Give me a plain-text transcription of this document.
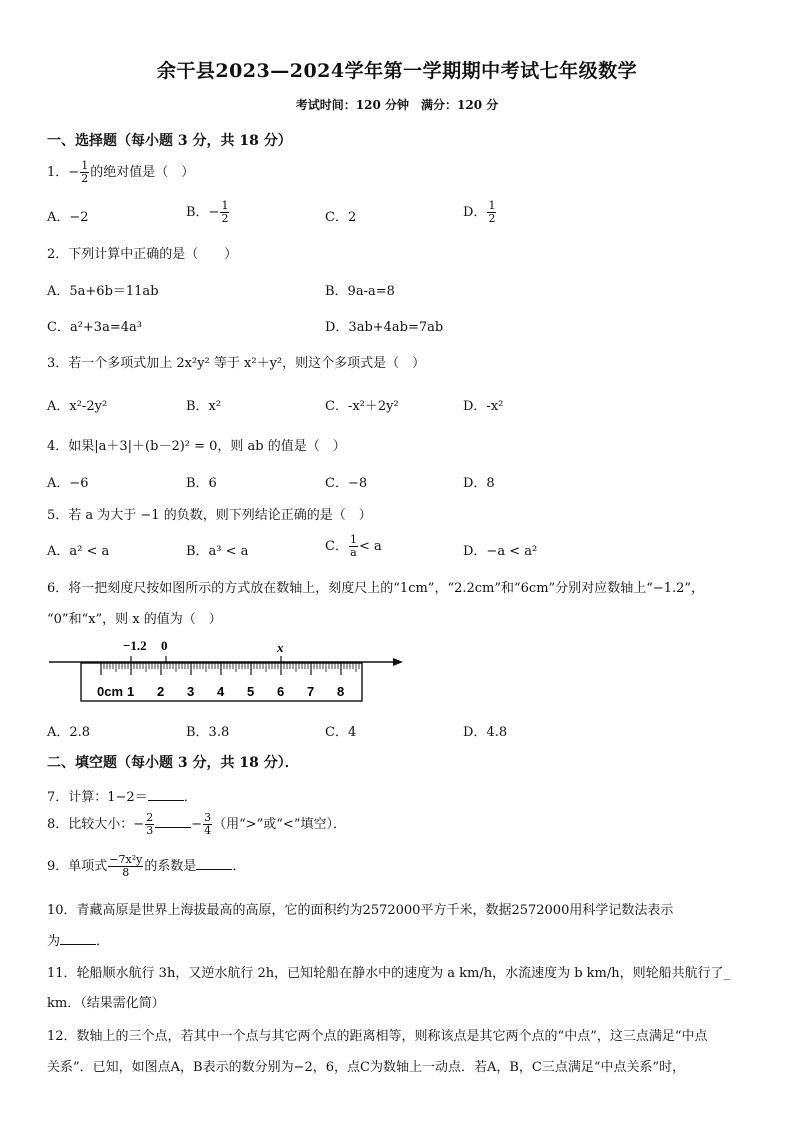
余干县2023—2024学年第一学期期中考试七年级数学
考试时间：120 分钟　满分：120 分
一、选择题（每小题 3 分，共 18 分）
1．− $\frac{1}{2}$ 的绝对值是（　）
A．−2	B．− $\frac{1}{2}$	C．2	D． $\frac{1}{2}$
2．下列计算中正确的是（　　）
A．5a+6b＝11ab	B．9a-a=8
C．a²+3a=4a³	D．3ab+4ab=7ab
3．若一个多项式加上 2x²y² 等于 x²＋y²，则这个多项式是（　）
A．x²-2y²	B．x²	C．-x²＋2y²	D．-x²
4．如果|a＋3|＋(b－2)² = 0，则 ab 的值是（　）
A．−6	B．6	C．−8	D．8
5．若 a 为大于 −1 的负数，则下列结论正确的是（　）
A．a² < a	B．a³ < a	C． $\frac{1}{a} < a$	D．−a < a²
6．将一把刻度尺按如图所示的方式放在数轴上，刻度尺上的“1cm”，“2.2cm”和“6cm”分别对应数轴上“−1.2”，
“0”和“x”，则 x 的值为（　）
−1.2 0	x
0cm 1 2 3 4 5 6 7 8
A．2.8	B．3.8	C．4	D．4.8
二、填空题（每小题 3 分，共 18 分）．
7．计算：1−2＝	．
8．比较大小：− $\frac{2}{3}$	− $\frac{3}{4}$ （用“>”或“<”填空）．
9．单项式 $\frac{\text{−7x²y}}{8}$ 的系数是	．
10．青藏高原是世界上海拔最高的高原，它的面积约为2572000平方千米，数据2572000用科学记数法表示
为	．
11．轮船顺水航行 3h，又逆水航行 2h，已知轮船在静水中的速度为 a km/h，水流速度为 b km/h，则轮船共航行了_
km．（结果需化简）
12．数轴上的三个点，若其中一个点与其它两个点的距离相等，则称该点是其它两个点的“中点”，这三点满足“中点
关系”．已知，如图点A，B表示的数分别为−2，6，点C为数轴上一动点．若A，B，C三点满足“中点关系”时，
